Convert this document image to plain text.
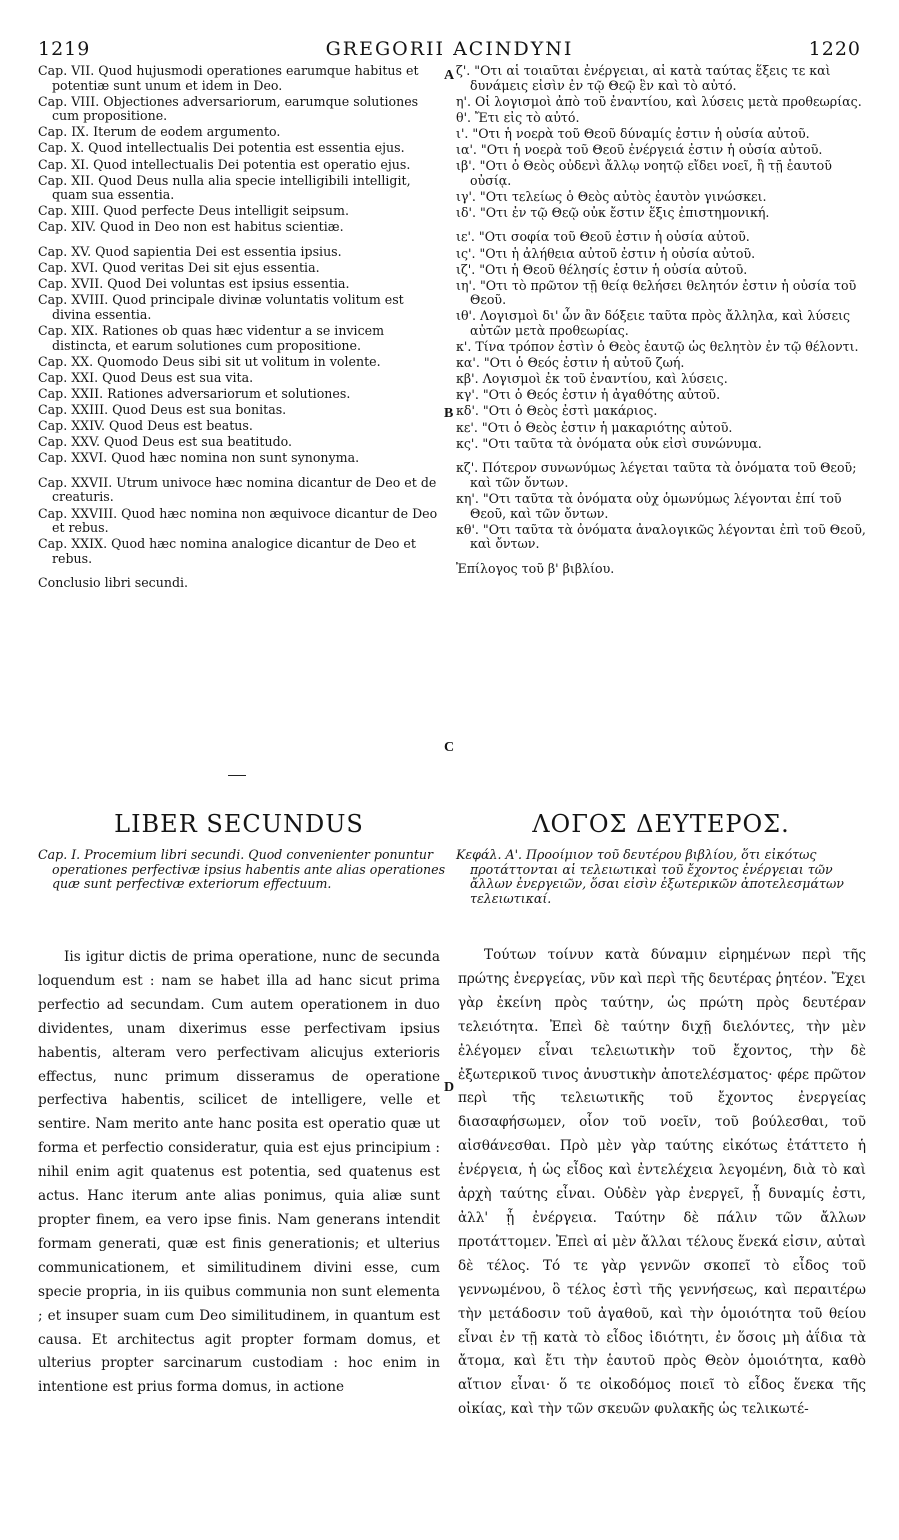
1219	GREGORII ACINDYNI	1220
A
B
C
D
Cap. VII. Quod hujusmodi operationes earumque habitus et potentiæ sunt unum et idem in Deo.
Cap. VIII. Objectiones adversariorum, earumque solutiones cum propositione.
Cap. IX. Iterum de eodem argumento.
Cap. X. Quod intellectualis Dei potentia est essentia ejus.
Cap. XI. Quod intellectualis Dei potentia est operatio ejus.
Cap. XII. Quod Deus nulla alia specie intelligibili intelligit, quam sua essentia.
Cap. XIII. Quod perfecte Deus intelligit seipsum.
Cap. XIV. Quod in Deo non est habitus scientiæ.
Cap. XV. Quod sapientia Dei est essentia ipsius.
Cap. XVI. Quod veritas Dei sit ejus essentia.
Cap. XVII. Quod Dei voluntas est ipsius essentia.
Cap. XVIII. Quod principale divinæ voluntatis volitum est divina essentia.
Cap. XIX. Rationes ob quas hæc videntur a se invicem distincta, et earum solutiones cum propositione.
Cap. XX. Quomodo Deus sibi sit ut volitum in volente.
Cap. XXI. Quod Deus est sua vita.
Cap. XXII. Rationes adversariorum et solutiones.
Cap. XXIII. Quod Deus est sua bonitas.
Cap. XXIV. Quod Deus est beatus.
Cap. XXV. Quod Deus est sua beatitudo.
Cap. XXVI. Quod hæc nomina non sunt synonyma.
Cap. XXVII. Utrum univoce hæc nomina dicantur de Deo et de creaturis.
Cap. XXVIII. Quod hæc nomina non æquivoce dicantur de Deo et rebus.
Cap. XXIX. Quod hæc nomina analogice dicantur de Deo et rebus.
Conclusio libri secundi.
ζ'. "Οτι αἱ τοιαῦται ἐνέργειαι, αἱ κατὰ ταύτας ἕξεις τε καὶ δυνάμεις εἰσὶν ἐν τῷ Θεῷ ἓν καὶ τὸ αὐτό.
η'. Οἱ λογισμοὶ ἀπὸ τοῦ ἐναντίου, καὶ λύσεις μετὰ προθεωρίας.
θ'. Ἔτι εἰς τὸ αὐτό.
ι'. "Οτι ἡ νοερὰ τοῦ Θεοῦ δύναμίς ἐστιν ἡ οὐσία αὐτοῦ.
ια'. "Οτι ἡ νοερὰ τοῦ Θεοῦ ἐνέργειά ἐστιν ἡ οὐσία αὐτοῦ.
ιβ'. "Οτι ὁ Θεὸς οὐδενὶ ἄλλῳ νοητῷ εἴδει νοεῖ, ἢ τῇ ἑαυτοῦ οὐσίᾳ.
ιγ'. "Οτι τελείως ὁ Θεὸς αὐτὸς ἑαυτὸν γινώσκει.
ιδ'. "Οτι ἐν τῷ Θεῷ οὐκ ἔστιν ἕξις ἐπιστημονική.
ιε'. "Οτι σοφία τοῦ Θεοῦ ἐστιν ἡ οὐσία αὐτοῦ.
ις'. "Οτι ἡ ἀλήθεια αὐτοῦ ἐστιν ἡ οὐσία αὐτοῦ.
ιζ'. "Οτι ἡ Θεοῦ θέλησίς ἐστιν ἡ οὐσία αὐτοῦ.
ιη'. "Οτι τὸ πρῶτον τῇ θείᾳ θελήσει θελητόν ἐστιν ἡ οὐσία τοῦ Θεοῦ.
ιθ'. Λογισμοὶ δι' ὧν ἂν δόξειε ταῦτα πρὸς ἄλληλα, καὶ λύσεις αὐτῶν μετὰ προθεωρίας.
κ'. Τίνα τρόπον ἐστὶν ὁ Θεὸς ἑαυτῷ ὡς θελητὸν ἐν τῷ θέλοντι.
κα'. "Οτι ὁ Θεός ἐστιν ἡ αὐτοῦ ζωή.
κβ'. Λογισμοὶ ἐκ τοῦ ἐναντίου, καὶ λύσεις.
κγ'. "Οτι ὁ Θεός ἐστιν ἡ ἀγαθότης αὐτοῦ.
κδ'. "Οτι ὁ Θεὸς ἐστὶ μακάριος.
κε'. "Οτι ὁ Θεὸς ἐστιν ἡ μακαριότης αὐτοῦ.
κς'. "Οτι ταῦτα τὰ ὀνόματα οὐκ εἰσὶ συνώνυμα.
κζ'. Πότερον συνωνύμως λέγεται ταῦτα τὰ ὀνόματα τοῦ Θεοῦ; καὶ τῶν ὄντων.
κη'. "Οτι ταῦτα τὰ ὀνόματα οὐχ ὁμωνύμως λέγονται ἐπί τοῦ Θεοῦ, καὶ τῶν ὄντων.
κθ'. "Οτι ταῦτα τὰ ὀνόματα ἀναλογικῶς λέγονται ἐπὶ τοῦ Θεοῦ, καὶ ὄντων.
Ἐπίλογος τοῦ β' βιβλίου.
LIBER SECUNDUS	ΛΟΓΟΣ ΔΕΥΤΕΡΟΣ.
Cap. I. Procemium libri secundi. Quod convenienter ponuntur operationes perfectivæ ipsius habentis ante alias operationes quæ sunt perfectivæ exteriorum effectuum.
Κεφάλ. Α'. Προοίμιον τοῦ δευτέρου βιβλίου, ὅτι εἰκότως προτάττονται αἱ τελειωτικαὶ τοῦ ἔχοντος ἐνέργειαι τῶν ἄλλων ἐνεργειῶν, ὅσαι εἰσὶν ἐξωτερικῶν ἀποτελεσμάτων τελειωτικαί.

Iis igitur dictis de prima operatione, nunc de secunda loquendum est : nam se habet illa ad hanc sicut prima perfectio ad secundam. Cum autem operationem in duo dividentes, unam dixerimus esse perfectivam ipsius habentis, alteram vero perfectivam alicujus exterioris effectus, nunc primum disseramus de operatione perfectiva habentis, scilicet de intelligere, velle et sentire. Nam merito ante hanc posita est operatio quæ ut forma et perfectio consideratur, quia est ejus principium : nihil enim agit quatenus est potentia, sed quatenus est actus. Hanc iterum ante alias ponimus, quia aliæ sunt propter finem, ea vero ipse finis. Nam generans intendit formam generati, quæ est finis generationis; et ulterius communicationem, et similitudinem divini esse, cum specie propria, in iis quibus communia non sunt elementa ; et insuper suam cum Deo similitudinem, in quantum est causa. Et architectus agit propter formam domus, et ulterius propter sarcinarum custodiam : hoc enim in intentione est prius forma domus, in actione

Τούτων τοίνυν κατὰ δύναμιν εἰρημένων περὶ τῆς πρώτης ἐνεργείας, νῦν καὶ περὶ τῆς δευτέρας ῥητέον. Ἔχει γὰρ ἐκείνη πρὸς ταύτην, ὡς πρώτη πρὸς δευτέραν τελειότητα. Ἐπεὶ δὲ ταύτην διχῇ διελόντες, τὴν μὲν ἐλέγομεν εἶναι τελειωτικὴν τοῦ ἔχοντος, τὴν δὲ ἐξωτερικοῦ τινος ἀνυστικὴν ἀποτελέσματος· φέρε πρῶτον περὶ τῆς τελειωτικῆς τοῦ ἔχοντος ἐνεργείας διασαφήσωμεν, οἷον τοῦ νοεῖν, τοῦ βούλεσθαι, τοῦ αἰσθάνεσθαι. Πρὸ μὲν γὰρ ταύτης εἰκότως ἐτάττετο ἡ ἐνέργεια, ἡ ὡς εἶδος καὶ ἐντελέχεια λεγομένη, διὰ τὸ καὶ ἀρχὴ ταύτης εἶναι. Οὐδὲν γὰρ ἐνεργεῖ, ᾗ δυναμίς ἐστι, ἀλλ' ᾗ ἐνέργεια. Ταύτην δὲ πάλιν τῶν ἄλλων προτάττομεν. Ἐπεὶ αἱ μὲν ἄλλαι τέλους ἕνεκά εἰσιν, αὐταὶ δὲ τέλος. Τό τε γὰρ γεννῶν σκοπεῖ τὸ εἶδος τοῦ γεννωμένου, ὃ τέλος ἐστὶ τῆς γεννήσεως, καὶ περαιτέρω τὴν μετάδοσιν τοῦ ἀγαθοῦ, καὶ τὴν ὁμοιότητα τοῦ θείου εἶναι ἐν τῇ κατὰ τὸ εἶδος ἰδιότητι, ἐν ὅσοις μὴ ἀΐδια τὰ ἄτομα, καὶ ἔτι τὴν ἑαυτοῦ πρὸς Θεὸν ὁμοιότητα, καθὸ αἴτιον εἶναι· ὅ τε οἰκοδόμος ποιεῖ τὸ εἶδος ἕνεκα τῆς οἰκίας, καὶ τὴν τῶν σκευῶν φυλακῆς ὡς τελικωτέ-
